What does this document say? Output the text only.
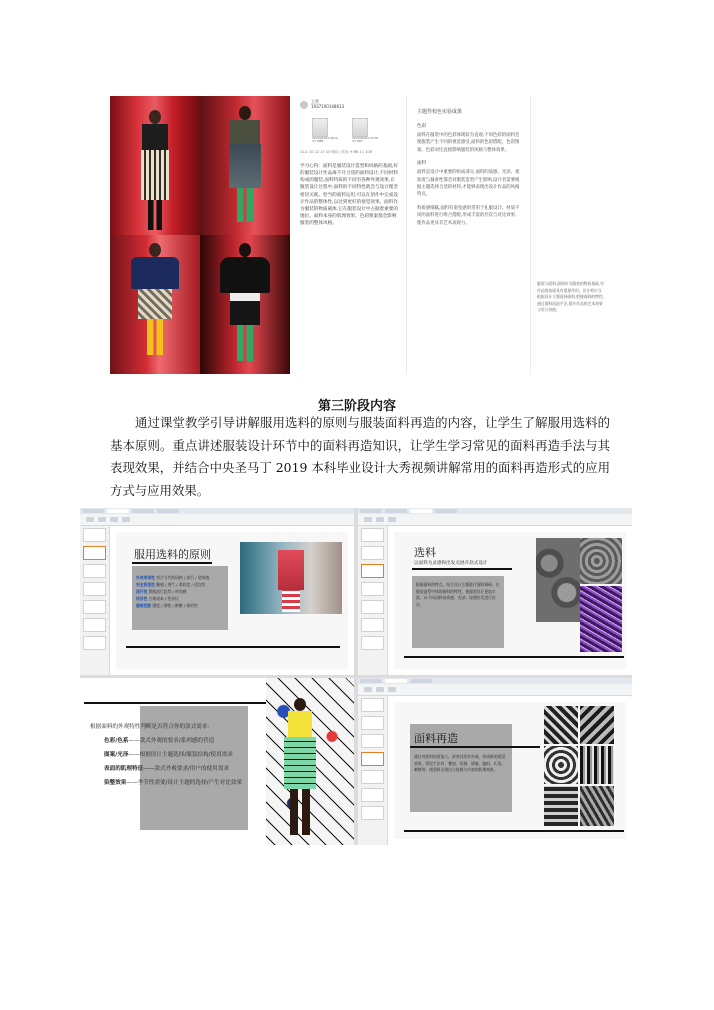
王哲
1937100148613
2020(#461-4612
37.2MB
2020(#461-2738
37.2PC
41/2 10 22 17 43 保存 | 转发 9 MB 11 108
学习心得：面料是服装设计造型和风格的基础,好的服装设计作品离不开合适的面料设计,不同材料构成的服装,面料特质的不同有各种外观效果,在服装设计过程中,面料的不同特性就会与设计理念密切关联。恰当的面料运用,可以在创作中完成设计作品的整体性,以达到更好的视觉效果。面料作为服装的物质载体,它在服装设计中占据着重要的地位。面料本身的肌理效果、色彩图案都会影响服装的整体风格。
主题性校色实验成果
色彩

面料在服装中的色彩体现较为直观,不同色彩的面料会使服装产生不同的视觉感受,面料的色彩搭配、色彩图案、色彩对比直接影响服装的风格与整体效果。

面料

面料是设计中重要的组成部分,面料的质感、光泽、柔软度与悬垂性都会对服装造型产生影响,设计者需要根据主题选择合适的材料,才能够表现出设计作品的风格特点。

料质感细腻,面料有垂坠感的常用于礼服设计。材质不同的面料进行组合搭配,形成丰富的层次与对比效果,使作品更具有艺术表现力。

服装与面料,面料作为服装的物质基础,对作品的表现具有重要作用。设计师应当根据设计主题选择面料,把握面料的特性,通过面料再造手法,提升作品的艺术效果与设计价值。

第三阶段内容
通过课堂教学引导讲解服用选料的原则与服装面料再造的内容，让学生了解服用选料的基本原则。重点讲述服装设计环节中的面料再造知识，让学生学习常见的面料再造手法与其表现效果，并结合中央圣马丁 2019 本科毕业设计大秀视频讲解常用的面料再造形式的应用方式与应用效果。
服用选料的原则
外观审美性 符合当代的风格 / 流行 / 装饰感
安全舒适性 触感 / 透气 / 柔软度 / 适宜性
流行性 紧跟流行趋势 / 时尚感
经济性 合理成本 / 性价比
服装性能 强度 / 弹性 / 耐磨 / 保形性
选料
以面料为灵感和出发点展开款式设计
根据面料的特点，结合设计主题进行面料调研，在服装造型中体现面料的特性，使服装设计更加丰富，从不同面料的质感、光泽、纹理出发进行设计。
根据面料的外观特性判断是否符合你的款式需求：
色彩/色系——款式外观的要求/系列感的营造
图案/光泽——根据设计主题选择/服装结构/使用需求
表面的肌理特征——款式外观要求/用户的使用需求
染整效果——季节性需要/设计主题的选择/产生对比效果
面料再造
通过对面料的再加工，改变其原有外观，形成新的视觉效果。常见手法有：叠加、切割、褶皱、编织、扎染、刺绣等，使面料呈现出立体感与丰富的肌理效果。
